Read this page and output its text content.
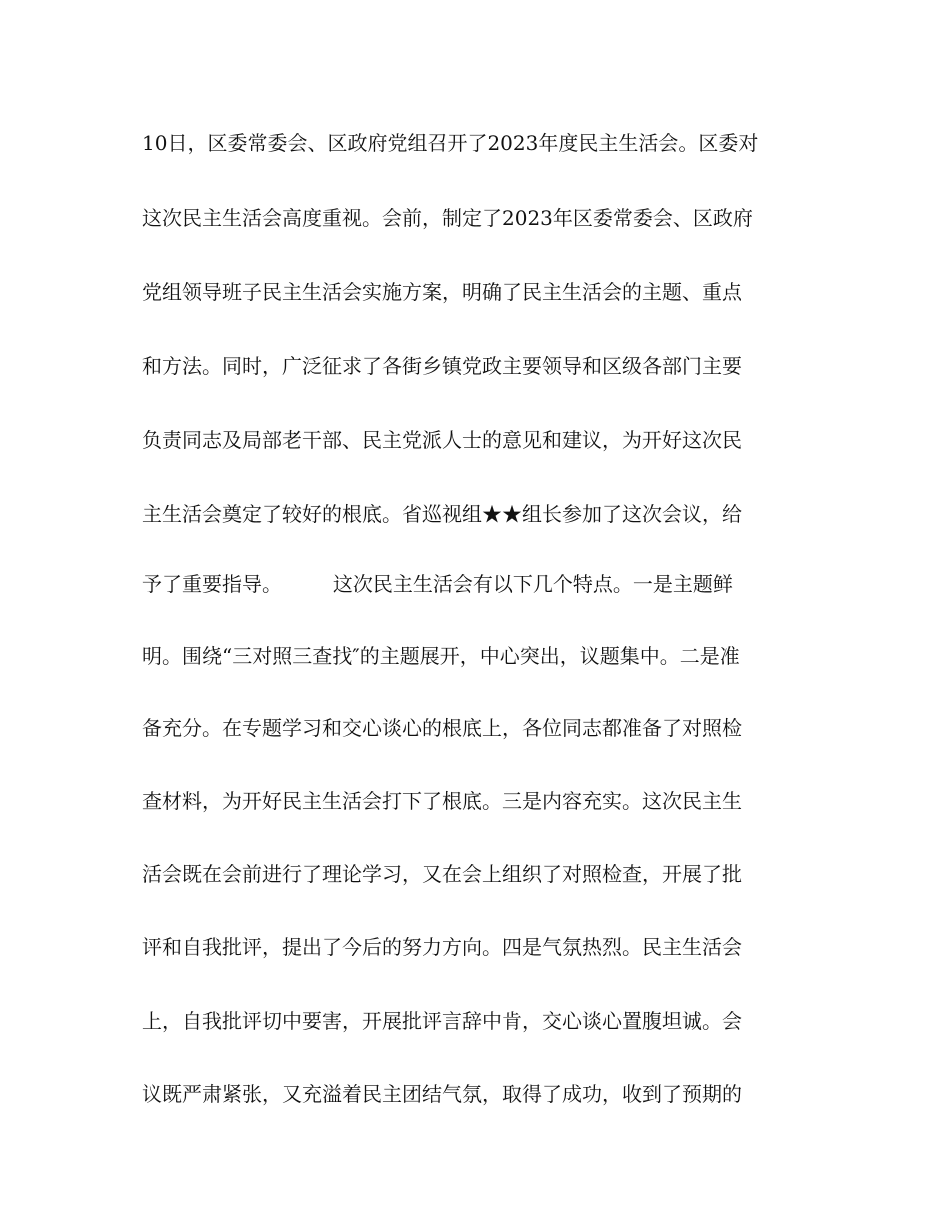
10日，区委常委会、区政府党组召开了2023年度民主生活会。区委对
这次民主生活会高度重视。会前，制定了2023年区委常委会、区政府
党组领导班子民主生活会实施方案，明确了民主生活会的主题、重点
和方法。同时，广泛征求了各街乡镇党政主要领导和区级各部门主要
负责同志及局部老干部、民主党派人士的意见和建议，为开好这次民
主生活会奠定了较好的根底。省巡视组★★组长参加了这次会议，给
予了重要指导。        这次民主生活会有以下几个特点。一是主题鲜
明。围绕“三对照三查找″的主题展开，中心突出，议题集中。二是准
备充分。在专题学习和交心谈心的根底上，各位同志都准备了对照检
查材料，为开好民主生活会打下了根底。三是内容充实。这次民主生
活会既在会前进行了理论学习，又在会上组织了对照检查，开展了批
评和自我批评，提出了今后的努力方向。四是气氛热烈。民主生活会
上，自我批评切中要害，开展批评言辞中肯，交心谈心置腹坦诚。会
议既严肃紧张，又充溢着民主团结气氛，取得了成功，收到了预期的
